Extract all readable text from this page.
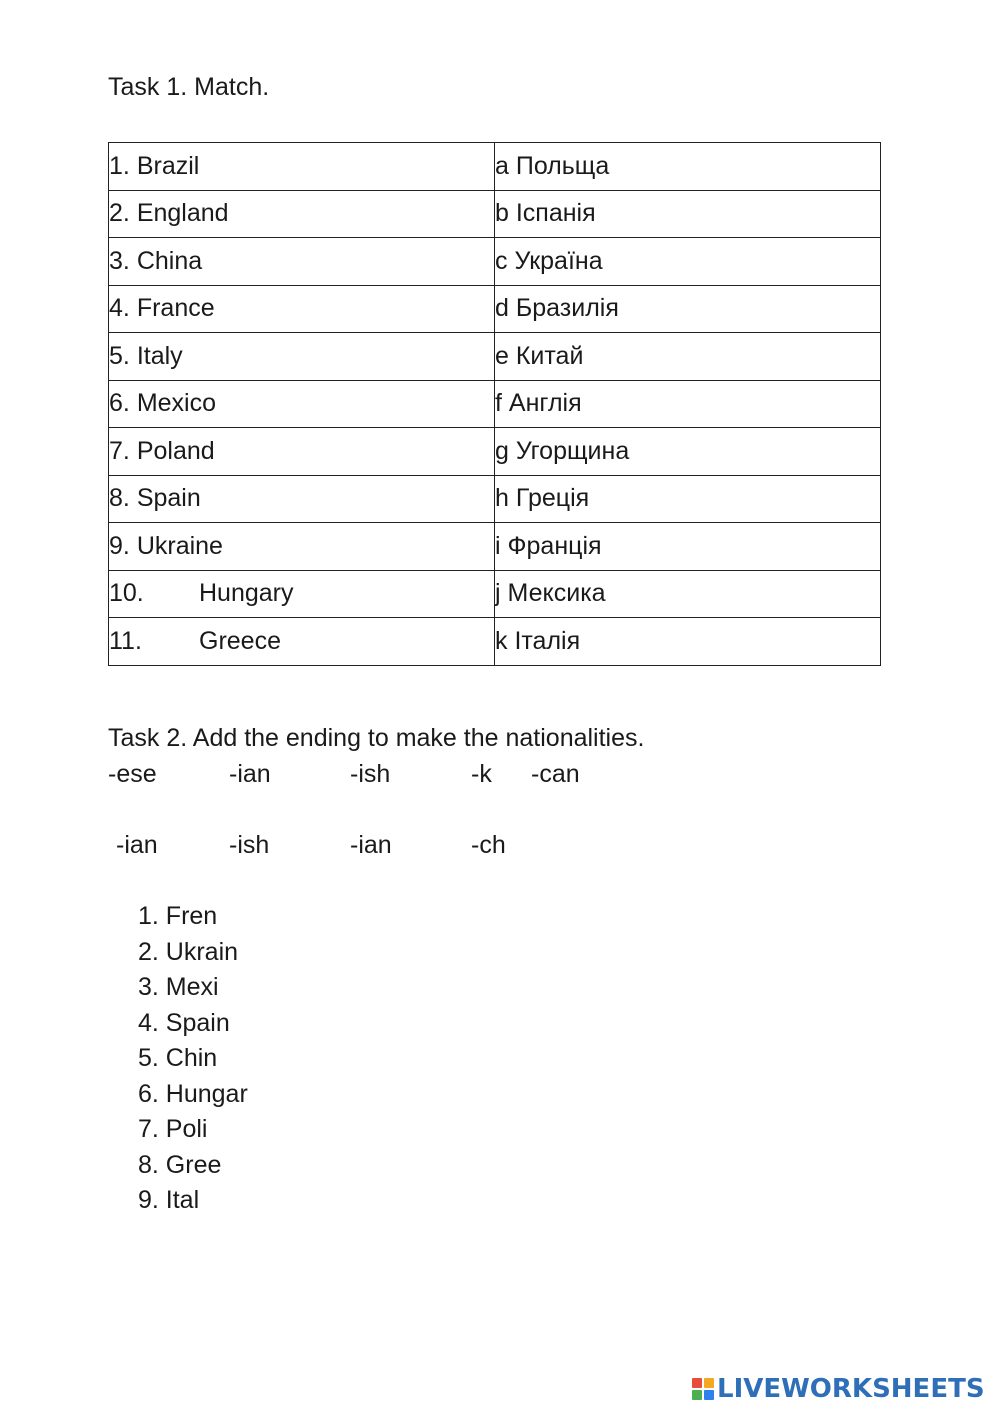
Task 1. Match.
1. Brazil	a Польща
2. England	b Іспанія
3. China	c Україна
4. France	d Бразилія
5. Italy	e Китай
6. Mexico	f Англія
7. Poland	g Угорщина
8. Spain	h Греція
9. Ukraine	i Франція
10. Hungary	j Мексика
11. Greece	k Італія
Task 2. Add the ending to make the nationalities.
-ese	-ian	-ish	-k -can
-ian	-ish	-ian	-ch
1. Fren
2. Ukrain
3. Mexi
4. Spain
5. Chin
6. Hungar
7. Poli
8. Gree
9. Ital
LIVEWORKSHEETS
